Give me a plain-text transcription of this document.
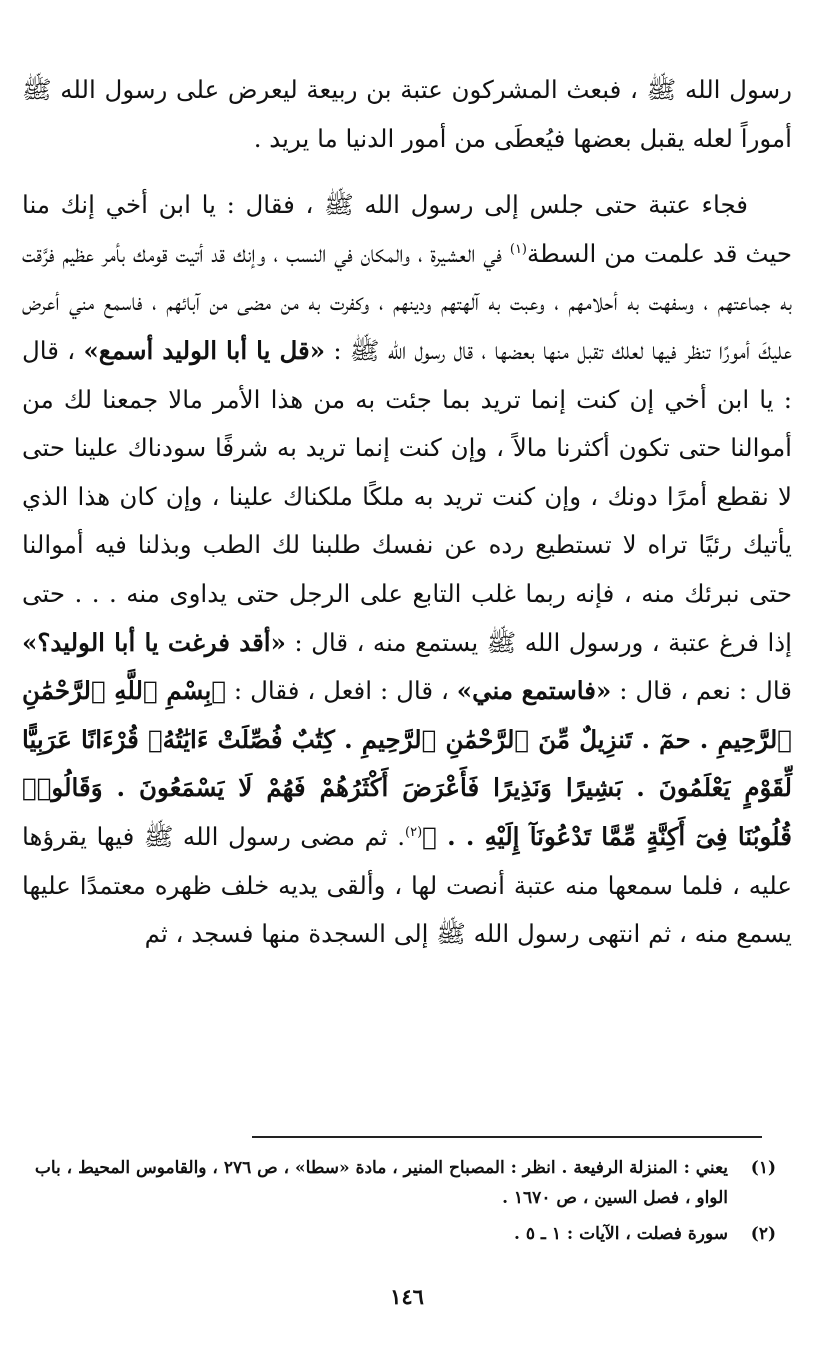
رسول الله ﷺ ، فبعث المشركون عتبة بن ربيعة ليعرض على رسول الله ﷺ أموراً لعله يقبل بعضها فيُعطَى من أمور الدنيا ما يريد .

فجاء عتبة حتى جلس إلى رسول الله ﷺ ، فقال : يا ابن أخي إنك منا حيث قد علمت من السطة$^{(١)}$ في العشيرة ، والمكان في النسب ، وإنك قد أتيت قومك بأمر عظيم فرَّقت به جماعتهم ، وسفهت به أحلامهم ، وعبت به آلهتهم ودينهم ، وكفرت به من مضى من آبائهم ، فاسمع مني أعرض عليكَ أمورًا تنظر فيها لعلك تقبل منها بعضها ، قال رسول الله ﷺ : «قل يا أبا الوليد أسمع» ، قال : يا ابن أخي إن كنت إنما تريد بما جئت به من هذا الأمر مالا جمعنا لك من أموالنا حتى تكون أكثرنا مالاً ، وإن كنت إنما تريد به شرفًا سودناك علينا حتى لا نقطع أمرًا دونك ، وإن كنت تريد به ملكًا ملكناك علينا ، وإن كان هذا الذي يأتيك رئيًا تراه لا تستطيع رده عن نفسك طلبنا لك الطب وبذلنا فيه أموالنا حتى نبرئك منه ، فإنه ربما غلب التابع على الرجل حتى يداوى منه . . . حتى إذا فرغ عتبة ، ورسول الله ﷺ يستمع منه ، قال : «أقد فرغت يا أبا الوليد؟» قال : نعم ، قال : «فاستمع مني» ، قال : افعل ، فقال : ﴿بِسْمِ ٱللَّهِ ٱلرَّحْمَٰنِ ٱلرَّحِيمِ . حمٓ . تَنزِيلٌ مِّنَ ٱلرَّحْمَٰنِ ٱلرَّحِيمِ . كِتَٰبٌ فُصِّلَتْ ءَايَٰتُهُۥ قُرْءَانًا عَرَبِيًّا لِّقَوْمٍ يَعْلَمُونَ . بَشِيرًا وَنَذِيرًا فَأَعْرَضَ أَكْثَرُهُمْ فَهُمْ لَا يَسْمَعُونَ . وَقَالُوا۟ قُلُوبُنَا فِىٓ أَكِنَّةٍ مِّمَّا تَدْعُونَآ إِلَيْهِ . . ﴾$^{(٢)}$. ثم مضى رسول الله ﷺ فيها يقرؤها عليه ، فلما سمعها منه عتبة أنصت لها ، وألقى يديه خلف ظهره معتمدًا عليها يسمع منه ، ثم انتهى رسول الله ﷺ إلى السجدة منها فسجد ، ثم

(١)
يعني : المنزلة الرفيعة . انظر : المصباح المنير ، مادة «سطا» ، ص ٢٧٦ ، والقاموس المحيط ، باب الواو ، فصل السين ، ص ١٦٧٠ .
(٢)
سورة فصلت ، الآيات : ١ ـ ٥ .
١٤٦
